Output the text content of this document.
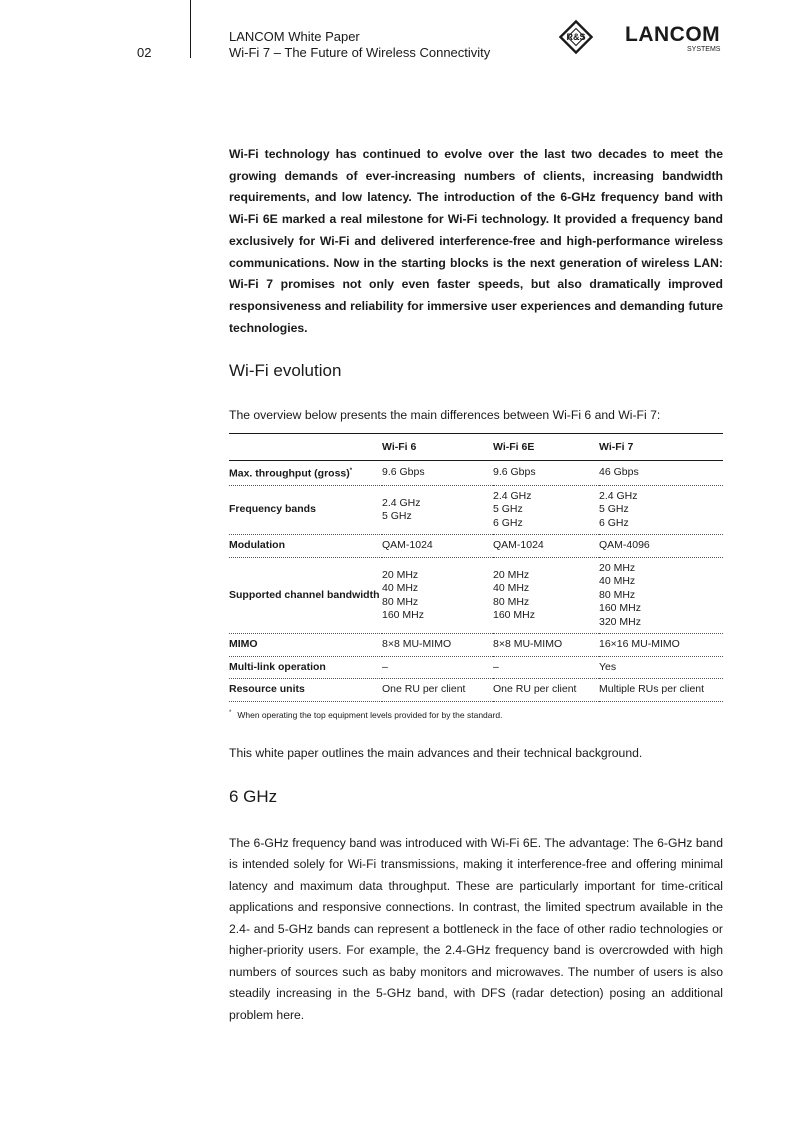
02
LANCOM White Paper
Wi-Fi 7 – The Future of Wireless Connectivity
R&S LANCOM
SYSTEMS

Wi-Fi technology has continued to evolve over the last two decades to meet the growing demands of ever-increasing numbers of clients, increasing bandwidth requirements, and low latency. The introduction of the 6-GHz frequency band with Wi-Fi 6E marked a real milestone for Wi-Fi technology. It provided a frequency band exclusively for Wi-Fi and delivered interference-free and high-performance wireless communications. Now in the starting blocks is the next generation of wireless LAN: Wi-Fi 7 promises not only even faster speeds, but also dramatically improved responsiveness and reliability for immersive user experiences and demanding future technologies.

Wi-Fi evolution

The overview below presents the main differences between Wi-Fi 6 and Wi-Fi 7:

	Wi-Fi 6	Wi-Fi 6E	Wi-Fi 7
Max. throughput (gross)*	9.6 Gbps	9.6 Gbps	46 Gbps
Frequency bands	2.4 GHz
5 GHz	2.4 GHz
5 GHz
6 GHz	2.4 GHz
5 GHz
6 GHz
Modulation	QAM-1024	QAM-1024	QAM-4096
Supported channel bandwidth	20 MHz
40 MHz
80 MHz
160 MHz	20 MHz
40 MHz
80 MHz
160 MHz	20 MHz
40 MHz
80 MHz
160 MHz
320 MHz
MIMO	8×8 MU-MIMO	8×8 MU-MIMO	16×16 MU-MIMO
Multi-link operation	–	–	Yes
Resource units	One RU per client	One RU per client	Multiple RUs per client
* When operating the top equipment levels provided for by the standard.

This white paper outlines the main advances and their technical background.

6 GHz

The 6-GHz frequency band was introduced with Wi-Fi 6E. The advantage: The 6-GHz band is intended solely for Wi-Fi transmissions, making it interference-free and offering minimal latency and maximum data throughput. These are particularly important for time-critical applications and responsive connections. In contrast, the limited spectrum available in the 2.4- and 5-GHz bands can represent a bottleneck in the face of other radio technologies or higher-priority users. For example, the 2.4-GHz frequency band is overcrowded with high numbers of sources such as baby monitors and microwaves. The number of users is also steadily increasing in the 5-GHz band, with DFS (radar detection) posing an additional problem here.
